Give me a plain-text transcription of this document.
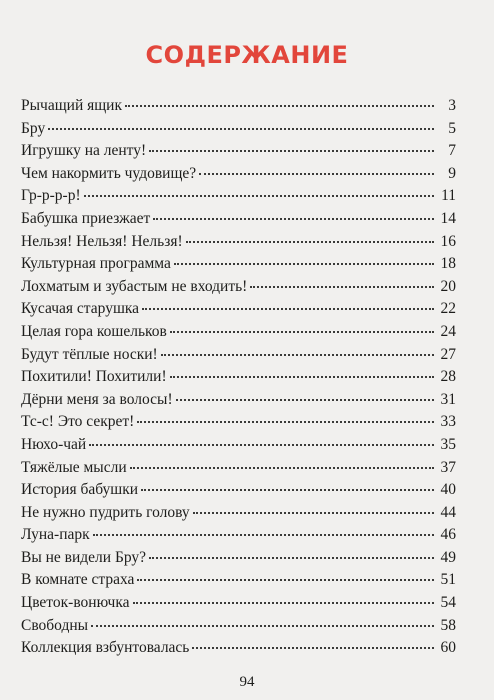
СОДЕРЖАНИЕ
Рычащий ящик	3
Бру	5
Игрушку на ленту!	7
Чем накормить чудовище?	9
Гр-р-р-р!	11
Бабушка приезжает	14
Нельзя! Нельзя! Нельзя!	16
Культурная программа	18
Лохматым и зубастым не входить!	20
Кусачая старушка	22
Целая гора кошельков	24
Будут тёплые носки!	27
Похитили! Похитили!	28
Дёрни меня за волосы!	31
Тс-с! Это секрет!	33
Нюхо-чай	35
Тяжёлые мысли	37
История бабушки	40
Не нужно пудрить голову	44
Луна-парк	46
Вы не видели Бру?	49
В комнате страха	51
Цветок-вонючка	54
Свободны	58
Коллекция взбунтовалась	60
94
